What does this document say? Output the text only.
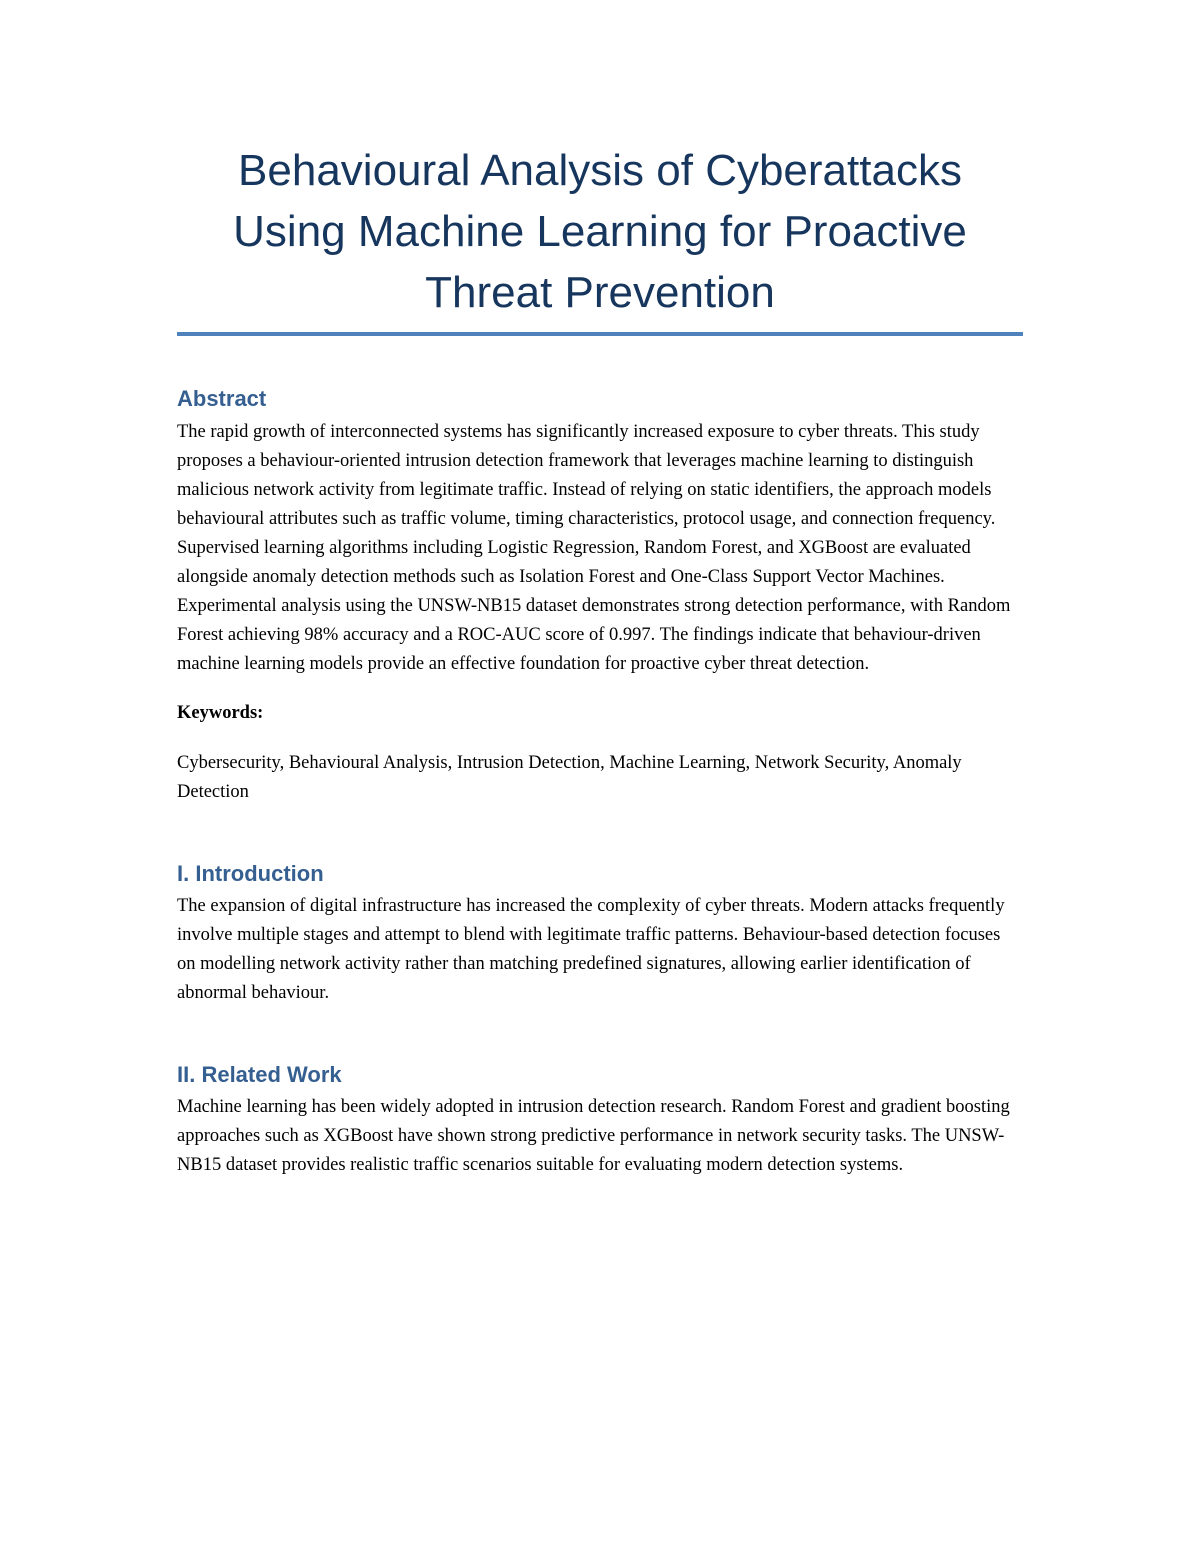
Behavioural Analysis of Cyberattacks Using Machine Learning for Proactive Threat Prevention
Abstract

The rapid growth of interconnected systems has significantly increased exposure to cyber threats. This study proposes a behaviour-oriented intrusion detection framework that leverages machine learning to distinguish malicious network activity from legitimate traffic. Instead of relying on static identifiers, the approach models behavioural attributes such as traffic volume, timing characteristics, protocol usage, and connection frequency. Supervised learning algorithms including Logistic Regression, Random Forest, and XGBoost are evaluated alongside anomaly detection methods such as Isolation Forest and One-Class Support Vector Machines. Experimental analysis using the UNSW-NB15 dataset demonstrates strong detection performance, with Random Forest achieving 98% accuracy and a ROC-AUC score of 0.997. The findings indicate that behaviour-driven machine learning models provide an effective foundation for proactive cyber threat detection.

Keywords:

Cybersecurity, Behavioural Analysis, Intrusion Detection, Machine Learning, Network Security, Anomaly Detection

I. Introduction

The expansion of digital infrastructure has increased the complexity of cyber threats. Modern attacks frequently involve multiple stages and attempt to blend with legitimate traffic patterns. Behaviour-based detection focuses on modelling network activity rather than matching predefined signatures, allowing earlier identification of abnormal behaviour.

II. Related Work

Machine learning has been widely adopted in intrusion detection research. Random Forest and gradient boosting approaches such as XGBoost have shown strong predictive performance in network security tasks. The UNSW-NB15 dataset provides realistic traffic scenarios suitable for evaluating modern detection systems.
